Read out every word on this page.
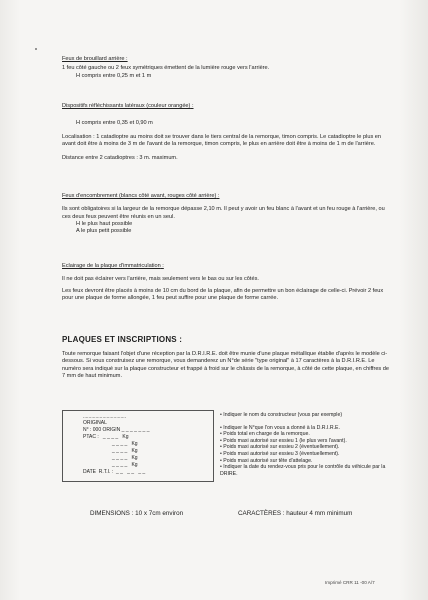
Feux de brouillard arrière :

1 feu côté gauche ou 2 feux symétriques émettent de la lumière rouge vers l'arrière.

H compris entre 0,25 m et 1 m

Dispositifs réfléchissants latéraux (couleur orangée) :

H compris entre 0,35 et 0,90 m

Localisation : 1 catadioptre au moins doit se trouver dans le tiers central de la remorque, timon compris. Le catadioptre le plus en avant doit être à moins de 3 m de l'avant de la remorque, timon compris, le plus en arrière doit être à moins de 1 m de l'arrière.

Distance entre 2 catadioptres : 3 m. maximum.

Feux d'encombrement (blancs côté avant, rouges côté arrière) :

Ils sont obligatoires si la largeur de la remorque dépasse 2,10 m. Il peut y avoir un feu blanc à l'avant et un feu rouge à l'arrière, ou ces deux feux peuvent être réunis en un seul.

H le plus haut possible

A le plus petit possible

Eclairage de la plaque d'immatriculation :

Il ne doit pas éclairer vers l'arrière, mais seulement vers le bas ou sur les côtés.

Les feux devront être placés à moins de 10 cm du bord de la plaque, afin de permettre un bon éclairage de celle-ci. Prévoir 2 feux pour une plaque de forme allongée, 1 feu peut suffire pour une plaque de forme carrée.

PLAQUES ET INSCRIPTIONS :

Toute remorque faisant l'objet d'une réception par la D.R.I.R.E. doit être munie d'une plaque métallique établie d'après le modèle ci-dessous. Si vous construisez une remorque, vous demanderez un N°de série "type original" à 17 caractères à la D.R.I.R.E. Le numéro sera indiqué sur la plaque constructeur et frappé à froid sur le châssis de la remorque, à côté de cette plaque, en chiffres de 7 mm de haut minimum.

...............................
ORIGINAL
N° : 000 ORIGIN _ _ _ _ _ _ _
PTAC :   _ _ _ _   Kg
_ _ _ _   Kg
_ _ _ _   Kg
_ _ _ _   Kg
_ _ _ _   Kg
DATE  R.T.I. :  _ _   _ _   _ _

• Indiquer le nom du constructeur (vous par exemple)

• Indiquer le N°que l'on vous a donné à la D.R.I.R.E.

• Poids total en charge de la remorque.

• Poids maxi autorisé sur essieu 1 (le plus vers l'avant).

• Poids maxi autorisé sur essieu 2 (éventuellement).

• Poids maxi autorisé sur essieu 3 (éventuellement).

• Poids maxi autorisé sur tête d'attelage.

• Indiquer la date du rendez-vous pris pour le contrôle du véhicule par la DRIRE.

DIMENSIONS : 10 x 7cm environ	CARACTÈRES : hauteur 4 mm minimum
Imprimé CRR 11 -00 A/7
